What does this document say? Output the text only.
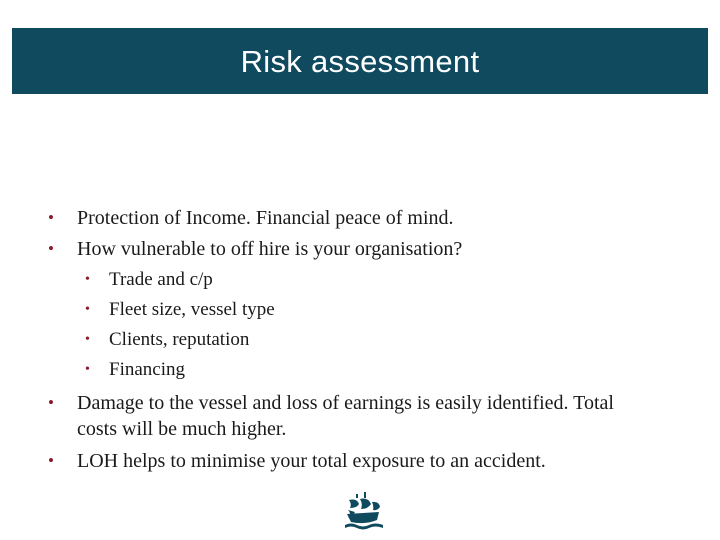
Risk assessment
• Protection of Income. Financial peace of mind.
• How vulnerable to off hire is your organisation?
• Trade and c/p
• Fleet size, vessel type
• Clients, reputation
• Financing
• Damage to the vessel and loss of earnings is easily identified. Total
costs will be much higher.
• LOH helps to minimise your total exposure to an accident.
